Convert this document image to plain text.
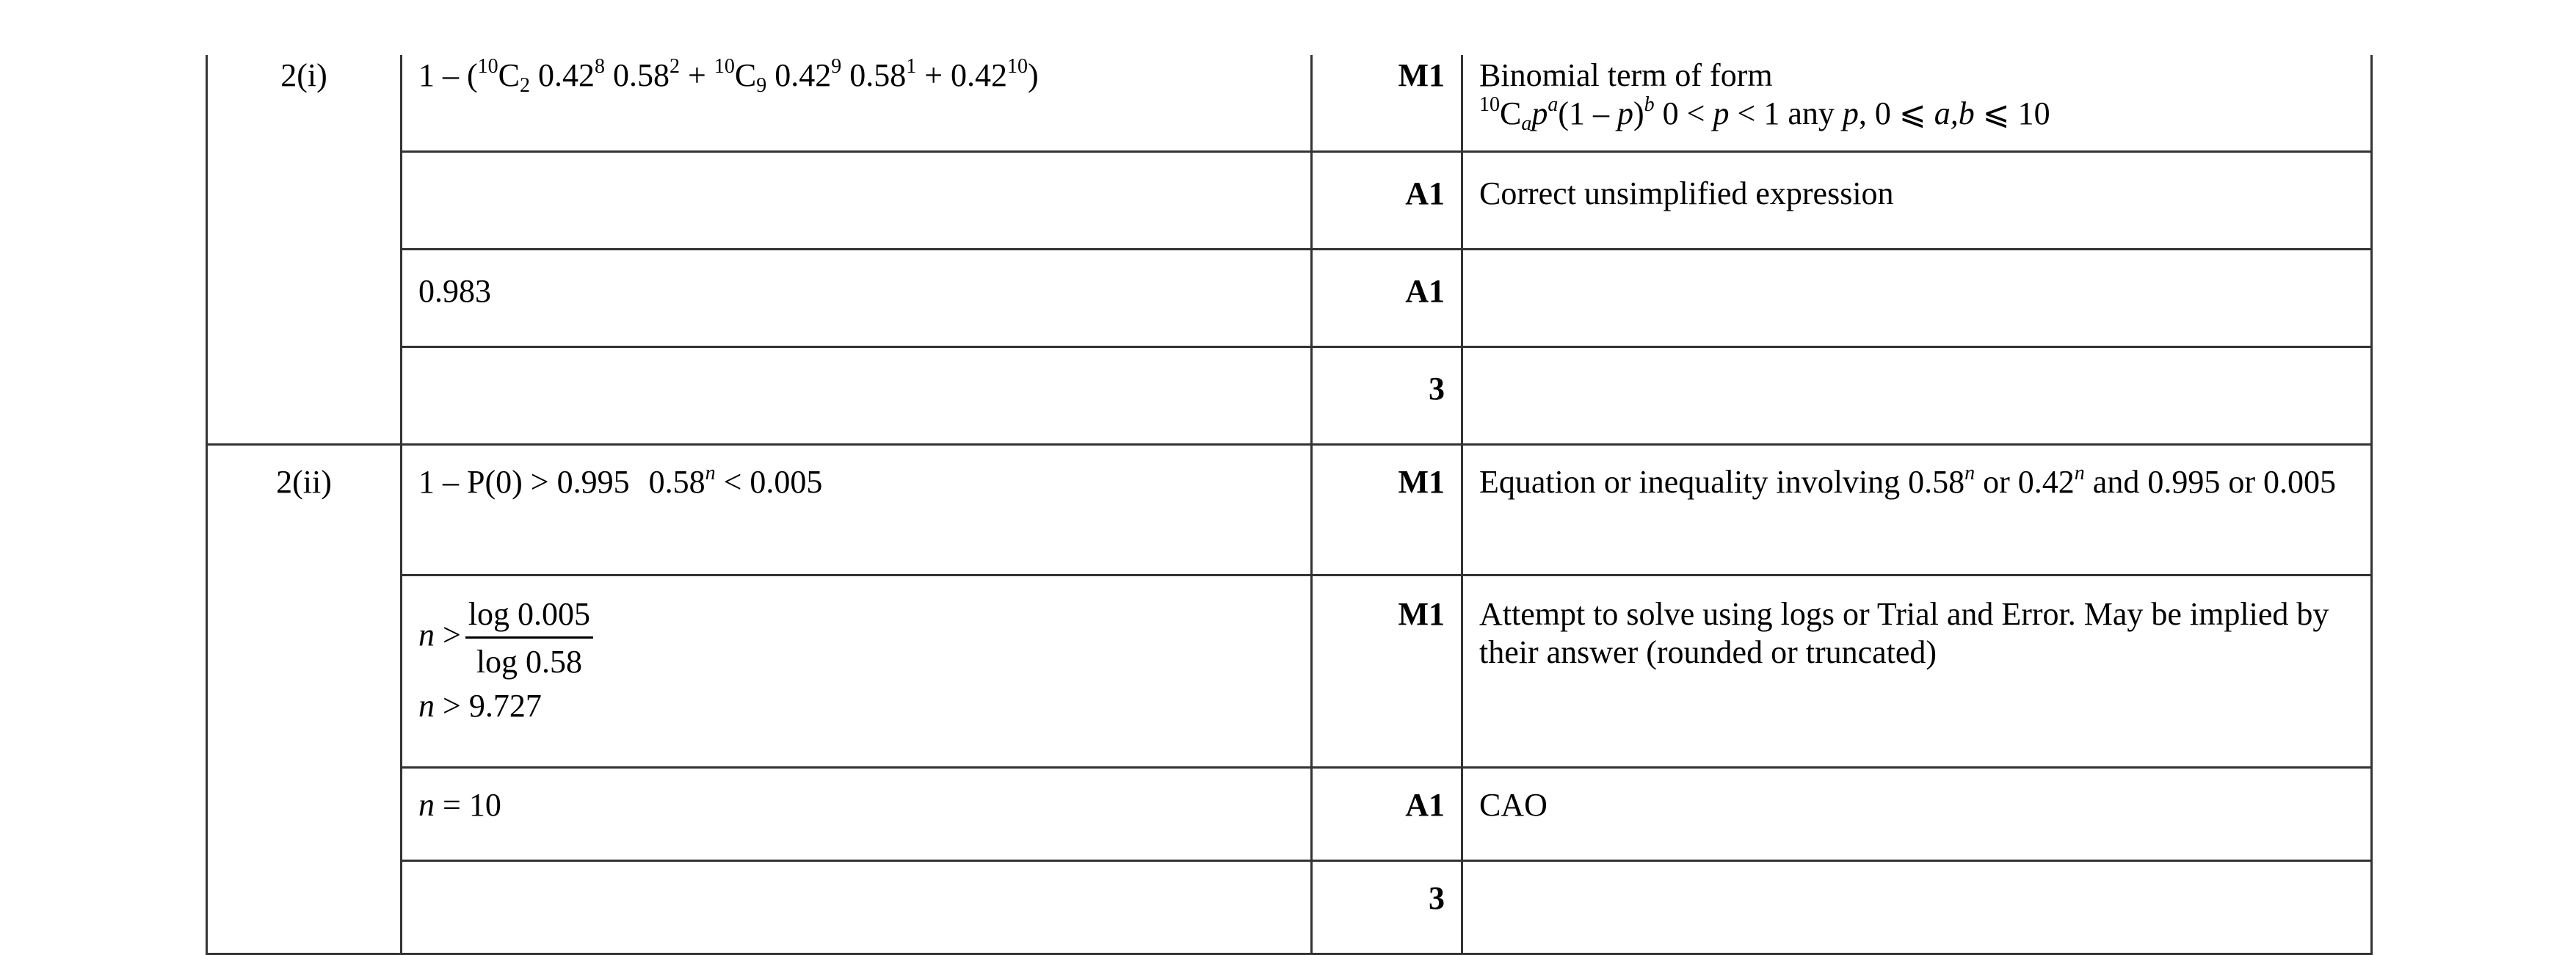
2(i)	$1 - (^{10}C_2$ 0.42$^8$ $0.58^2 + ^{10}C_9$ 0.42$^9$ $0.58^1 + 0.42^{10}$)	M1	Binomial term of form
$^{10}C_ap^a(1 - p)^b$ 0 < p < 1 any p, 0 ⩽ a,b ⩽ 10

		A1	Correct unsimplified expression
	0.983	A1	
		3	
2(ii)	1 – P(0) > 0.995 $0.58^n < 0.005$	M1	Equation or inequality involving 0.58$^n$ or 0.42$^n$ and 0.995 or 0.005

	$n > \frac{\log 0.005}{\log 0.58}$
n > 9.727	M1	Attempt to solve using logs or Trial and Error. May be implied by their answer (rounded or truncated)
	n = 10	A1	CAO
		3	
